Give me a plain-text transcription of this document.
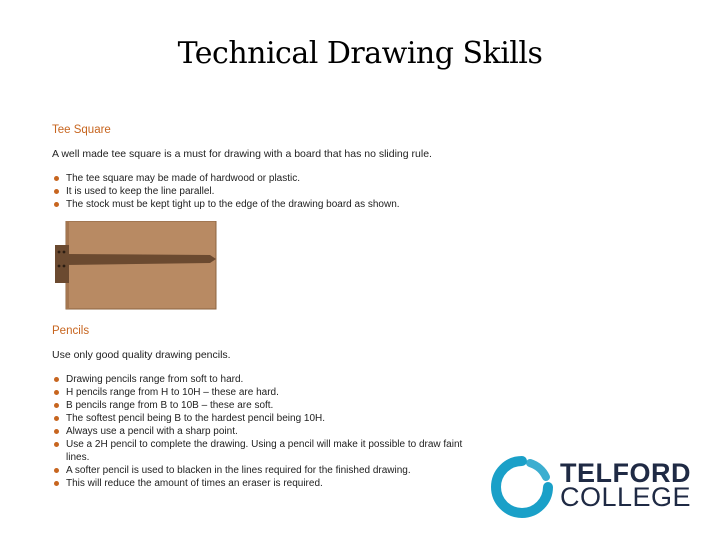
Technical Drawing Skills

Tee Square

A well made tee square is a must for drawing with a board that has no sliding rule.

The tee square may be made of hardwood or plastic.
It is used to keep the line parallel.
The stock must be kept tight up to the edge of the drawing board as shown.

Pencils

Use only good quality drawing pencils.

Drawing pencils range from soft to hard.
H pencils range from H to 10H – these are hard.
B pencils range from B to 10B – these are soft.
The softest pencil being B to the hardest pencil being 10H.
Always use a pencil with a sharp point.
Use a 2H pencil to complete the drawing. Using a pencil will make it possible to draw faint lines.
A softer pencil is used to blacken in the lines required for the finished drawing.
This will reduce the amount of times an eraser is required.	TELFORD
COLLEGE
